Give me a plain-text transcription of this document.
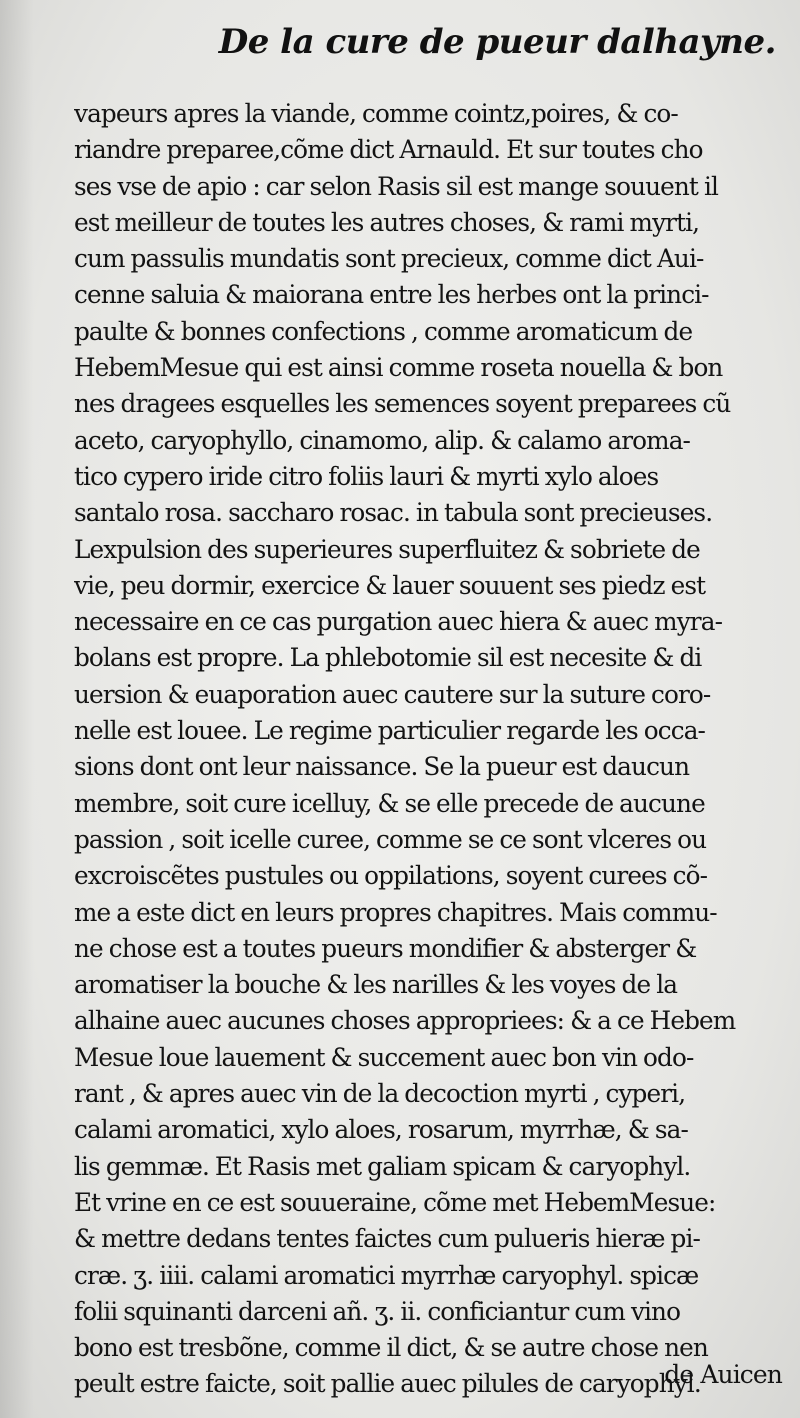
De la cure de pueur dalhayne.
vapeurs apres la viande, comme cointz,poires, & co-
riandre preparee,cõme dict Arnauld. Et sur toutes cho
ses vse de apio : car selon Rasis sil est mange souuent il
est meilleur de toutes les autres choses, & rami myrti,
cum passulis mundatis sont precieux, comme dict Aui-
cenne saluia & maiorana entre les herbes ont la princi-
paulte & bonnes confections , comme aromaticum de
HebemMesue qui est ainsi comme roseta nouella & bon
nes dragees esquelles les semences soyent preparees cũ
aceto, caryophyllo, cinamomo, alip. & calamo aroma-
tico cypero iride citro foliis lauri & myrti xylo aloes
santalo rosa. saccharo rosac. in tabula sont precieuses.
Lexpulsion des superieures superfluitez & sobriete de
vie, peu dormir, exercice & lauer souuent ses piedz est
necessaire en ce cas purgation auec hiera & auec myra-
bolans est propre. La phlebotomie sil est necesite & di
uersion & euaporation auec cautere sur la suture coro-
nelle est louee. Le regime particulier regarde les occa-
sions dont ont leur naissance. Se la pueur est daucun
membre, soit cure icelluy, & se elle precede de aucune
passion , soit icelle curee, comme se ce sont vlceres ou
excroiscẽtes pustules ou oppilations, soyent curees cõ-
me a este dict en leurs propres chapitres. Mais commu-
ne chose est a toutes pueurs mondifier & absterger &
aromatiser la bouche & les narilles & les voyes de la
alhaine auec aucunes choses appropriees: & a ce Hebem
Mesue loue lauement & succement auec bon vin odo-
rant , & apres auec vin de la decoction myrti , cyperi,
calami aromatici, xylo aloes, rosarum, myrrhæ, & sa-
lis gemmæ. Et Rasis met galiam spicam & caryophyl.
Et vrine en ce est souueraine, cõme met HebemMesue:
& mettre dedans tentes faictes cum pulueris hieræ pi-
cræ. ʒ. iiii. calami aromatici myrrhæ caryophyl. spicæ
folii squinanti darceni añ. ʒ. ii. conficiantur cum vino
bono est tresbõne, comme il dict, & se autre chose nen
peult estre faicte, soit pallie auec pilules de caryophyl.
de Auicen
